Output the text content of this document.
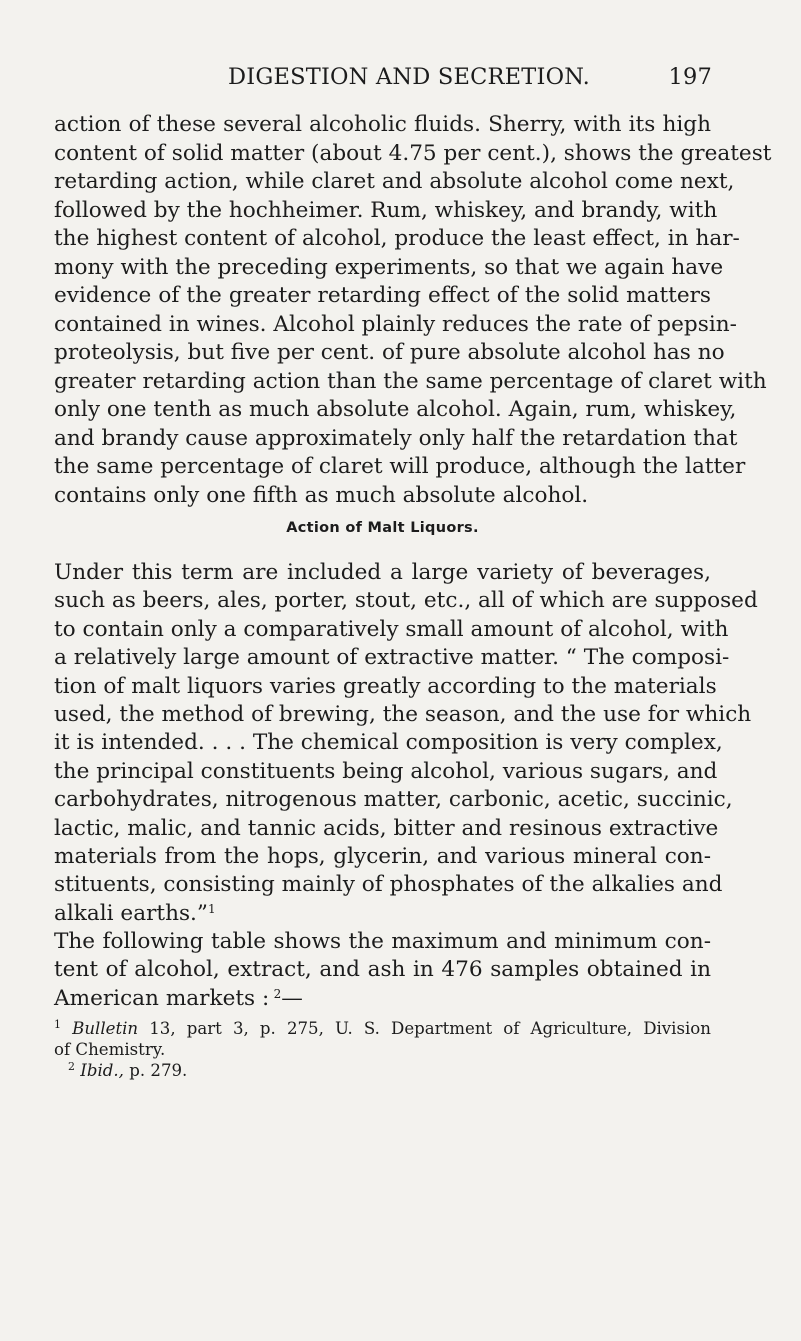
DIGESTION AND SECRETION.	197
action of these several alcoholic fluids. Sherry, with its high
content of solid matter (about 4.75 per cent.), shows the greatest
retarding action, while claret and absolute alcohol come next,
followed by the hochheimer. Rum, whiskey, and brandy, with
the highest content of alcohol, produce the least effect, in har-
mony with the preceding experiments, so that we again have
evidence of the greater retarding effect of the solid matters
contained in wines. Alcohol plainly reduces the rate of pepsin-
proteolysis, but five per cent. of pure absolute alcohol has no
greater retarding action than the same percentage of claret with
only one tenth as much absolute alcohol. Again, rum, whiskey,
and brandy cause approximately only half the retardation that
the same percentage of claret will produce, although the latter
contains only one fifth as much absolute alcohol.
Action of Malt Liquors.
Under this term are included a large variety of beverages,
such as beers, ales, porter, stout, etc., all of which are supposed
to contain only a comparatively small amount of alcohol, with
a relatively large amount of extractive matter. “ The composi-
tion of malt liquors varies greatly according to the materials
used, the method of brewing, the season, and the use for which
it is intended. . . . The chemical composition is very complex,
the principal constituents being alcohol, various sugars, and
carbohydrates, nitrogenous matter, carbonic, acetic, succinic,
lactic, malic, and tannic acids, bitter and resinous extractive
materials from the hops, glycerin, and various mineral con-
stituents, consisting mainly of phosphates of the alkalies and
alkali earths.”$^1$
The following table shows the maximum and minimum con-
tent of alcohol, extract, and ash in 476 samples obtained in
American markets :  $^2$—
$^1$ Bulletin 13, part 3, p. 275, U. S. Department of Agriculture, Division
of Chemistry.
$^2$ Ibid., p. 279.
